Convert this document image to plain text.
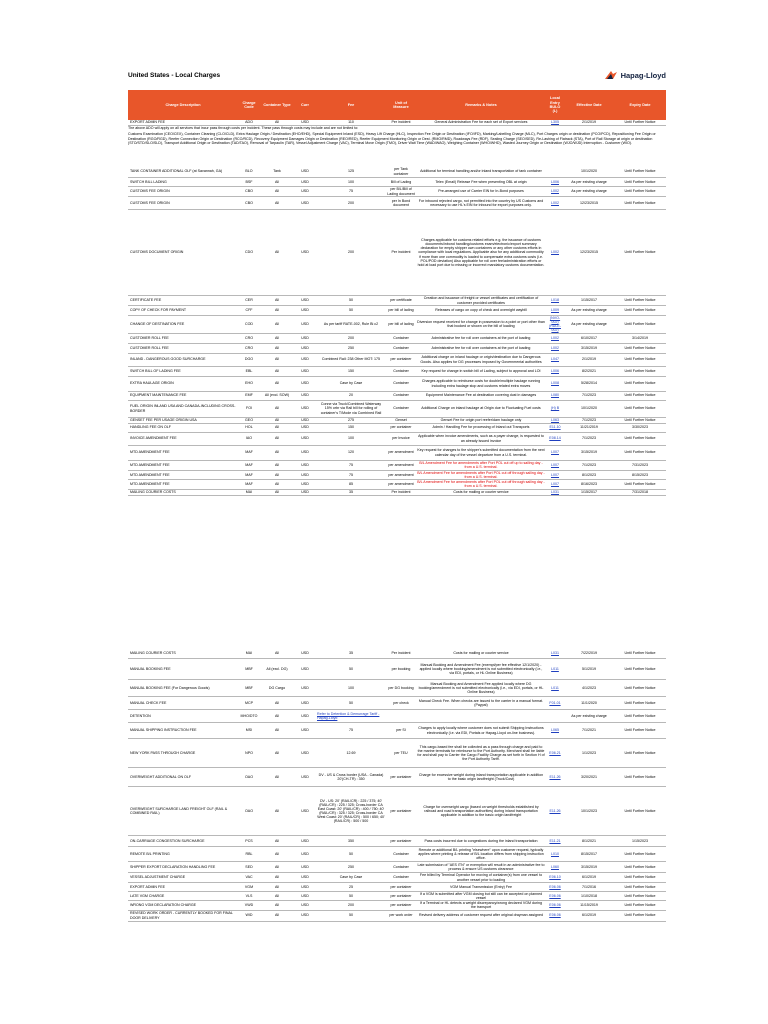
United States - Local Charges	Hapag-Lloyd
Charge Description	Charge Code	Container Type	Curr	Fee	Unit of Measure	Remarks & Notes	Local Entry BULO (L)	Effective Date	Expiry Date
EXPORT ADMIN FEE	ADO	All	USD	110	Per incident	General Administration Fee for each set of Export services	L305	2/1/2019	Until Further Notice
The above ADO will apply on all services that incur pass through costs per incident. These pass through costs may include and are not limited to:
Customs Examination (CEO/CEX), Container Cleaning (CLO/CLD), Extra Haulage Origin / Destination (EHO/EHD), Special Equipment Inland (ESD), Heavy Lift Charge (HLC), Inspection Fee Origin or Destination (IFO/IFD), Marking/Labelling Charge (MLC), Port Charges origin or destination (PCO/PCD), Repositioning Fee Origin or Destination (RGO/RGD), Reefer Connection Origin or Destination (RCO/RCD), Recovery Equipment Damages Origin or Destination (REO/RED), Reefer Equipment Monitoring Origin or Dest. (RMO/RMD), Roadways Fee (RDF), Sealing Charge (SEO/SED), Re-Lashing of Flatrack (STA), Port of Rail Storage at origin or destination (STO/STD/SLO/SLD), Transport Additional Origin or Destination (TAD/TAO), Removal of Tarpaulin (TAR), Vessel Adjustment Charge (VAC), Terminal Move Origin (TMO), Driver Wait Time (WAD/WAO), Weighing Container (WHO/WHD), Wasted Journey Origin or Destination (WJO/WJD) Interruption - Customer (WIO).
TANK CONTAINER ADDITIONAL OLF (at Savannah, GA)	BLO	Tank	USD	125	per Tank container	Additional for terminal handling and/or inland transportation of tank container		10/1/2020	Until Further Notice
SWITCH BILL LADING	BSF	All	USD	100	Bill of Lading	Telex (Email) Release Fee when presenting OBL at origin	L006	As per existing charge	Until Further Notice
CUSTOMS FEE ORIGIN	CBO	All	USD	75	per B/L/Bill of Lading document	Pre-arranged use of Carrier EIN for In-Bond purposes	L002	As per existing charge	Until Further Notice
CUSTOMS FEE ORIGIN	CBO	All	USD	200	per In Bond document	For inbound rejected cargo, not permitted into the country by US Customs and necessary to use HL's EIN for inbound for export purposes only.	L002	12/23/2015	Until Further Notice
CUSTOMS DOCUMENT ORIGIN	CDO	All	USD	200	Per incident	Charges applicable for customs related efforts e.g. the issuance of customs documents/inbond handling/customs exam/electronic/export summary declaration for empty shipper own containers or any other customs efforts in compliance with local regulations. Applicable also for any additional commodity if more than one commodity is loaded to compensate extra customs costs (i.e. POL/POD deviation) Also applicable for roll over fee/administration efforts or hold at load port due to missing or incorrect mandatory customs documentation.	L002	12/23/2015	Until Further Notice
CERTIFICATE FEE	CER	All	USD	50	per certificate	Creation and issuance of freight or vessel certificates and certification of customer provided certificates	L018	1/15/2017	Until Further Notice
COPY OF CHECK FOR PAYMENT	CFF	All	USD	50	per bill of lading	Releases of cargo on copy of check and overnight waybill	L009	As per existing charge	Until Further Notice
CHANGE OF DESTINATION FEE	COD	All	USD	As per tariff RATE-002, Rule Bi c2	per bill of lading	Diversion request received for change in possession to a point or port other than that booked or shown on the bill of loading	(NVO-002) (RULE-002)	As per existing charge	Until Further Notice
CUSTOMER ROLL FEE	CRO	All	USD	200	Container	Administrative fee for roll over containers at the port of loading	L002	6/10/2017	3/14/2019
CUSTOMER ROLL FEE	CRO	All	USD	250	Container	Administrative fee for roll over containers at the port of loading	L002	3/15/2019	Until Further Notice
INLAND - DANGEROUS GOOD SURCHARGE	DGO	All	USD	Combined Rail: 238 Other MOT: 175	per container	Additional charge on inland haulage or origin/destination due to Dangerous Goods. Also applies for DG processes imposed by Governmental authorities	L047	2/1/2019	Until Further Notice
SWITCH BILL OF LADING FEE	EBL	All	USD	150	Container	Key request for change in switch bill of Lading, subject to approval and LOI	L006	8/2/2021	Until Further Notice
EXTRA HAULAGE ORIGIN	EHO	All	USD	Case by Case	Container	Charges applicable to reimburse costs for double/multiple haulage running including extra haulage stop and customs related extra moves	L008	5/28/2014	Until Further Notice
EQUIPMENT MAINTENANCE FEE	EMF	All (excl. SOW)	USD	20	Container	Equipment Maintenance Fee at destination covering dust in damages	L080	7/1/2023	Until Further Notice
FUEL ORIGIN INLAND USA AND CANADA-INCLUDING CROSS-BORDER	FOI	All	USD	Conne via Truck/Combined Waterway 15% orbr via Rail bill for rolling of container's T/Mode via Combined Rail	Container	Additional Charge on inland haulage at Origin due to Fluctuating Fuel costs	(H) B	10/1/2020	Until Further Notice
GENSET FEE PER USAGE ORIGIN USA	GEO	All	USD	275	Genset	Genset Fee for origin port reefer/dam haulage only	L063	7/1/2023	Until Further Notice
HANDLING FEE ON OLF	HOL	All	USD	150	per container	Admin / Handling Fee for processing of Inland out Transports	E11.10	11/21/2019	3/30/2023
INVOICE AMENDMENT FEE	IAO	All	USD	100	per Invoice	Applicable when invoice amendments, such as a payer change, is requested to an already issued invoice	E08.14	7/1/2023	Until Further Notice
MTD AMENDMENT FEE	MAF	All	USD	120	per amendment	Key request for changes to the shipper's submitted documentation from the next calendar day of the vessel departure from a U.S. terminal.	L007	3/15/2019	Until Further Notice
MTD AMENDMENT FEE	MAF	All	USD	75	per amendment	B/L Amendment Fee for amendments after Port POL cut off up to sailing day - from a U.S. terminal.	L007	7/1/2023	7/31/2023
MTD AMENDMENT FEE	MAF	All	USD	75	per amendment	B/L Amendment Fee for amendments after Port POL cut off through sailing day - from a U.S. terminal.	L007	8/1/2023	8/15/2023
MTD AMENDMENT FEE	MAF	All	USD	85	per amendment	B/L Amendment Fee for amendments after Port POL cut off through sailing day - from a U.S. terminal.	L007	8/16/2023	Until Further Notice
MAILING COURIER COSTS	MAI	All	USD	35	Per incident	Costs for mailing or courier service	L031	1/15/2017	7/31/2018
MAILING COURIER COSTS	MAI	All	USD	35	Per incident	Costs for mailing or courier service	L031	7/22/2019	Until Further Notice
MANUAL BOOKING FEE	MBF	All (excl. DG)	USD	50	per booking	Manual Booking and Amendment Fee (exempt/per fee effective 12/1/2020) - applied locally where booking/amendment is not submitted electronically (i.e., via EDI, portals, or HL Online Business)	L011	5/1/2019	Until Further Notice
MANUAL BOOKING FEE (For Dangerous Goods)	MBF	DG Cargo	USD	100	per DG booking	Manual Booking and Amendment Fee applied locally where DG booking/amendment is not submitted electronically (i.e., via EDI, portals, or HL Online Business)	L011	4/1/2023	Until Further Notice
MANUAL CHECK FEE	MCP	All	USD	50	per check	Manual Check Fee. When checks are issued to the carrier in a manual format. (Paypal)	F01.01	11/1/2020	Until Further Notice
DETENTION	MHO/DTO	All	USD	Refer to Detention & Demurrage Tariff - Hapag-Lloyd				As per existing charge	Until Further Notice
MANUAL SHIPPING INSTRUCTION FEE	MSI	All	USD	75	per SI	Charges to apply locally where customer does not submit Shipping Instructions electronically (i.e. via EDI, Portals or Hapag-Lloyd on-line business).	L065	7/1/2021	Until Further Notice
NEW YORK PASS THROUGH CHARGE	NPO	All	USD	12.69	per TEU	This cargo-based fee shall be collected as a pass through charge and paid to the marine terminals for reimburse to the Port Authority. Merchant shall be liable for and shall pay to Carrier the Cargo Facility Charge as set forth in Section H of the Port Authority Tariff.	E06.21	1/1/2023	Until Further Notice
OVERWEIGHT ADDITIONAL ON OLF	OAO	All	USD	DV - US & Cross border (USA - Canada) 20'(CH-TR) : 350	per container	Charge for excessive weight during inland transportation applicable in addition to the basic origin landfreight (Truck/Cost)	E11.26	3/20/2021	Until Further Notice
OVERWEIGHT SURCHARGE LAND FREIGHT OLF (RAIL & COMBINED RAIL)	OAO	All	USD	DV - US: 20' (RAIL/CR) : 225 / 375; 40' (RAIL/CR) : 225 / 325; Cross-border CA East Coast: 20' (RAIL/CR) : 400 / 750; 40' (RAIL/CR) : 325 / 325; Cross-border CA West Coast: 20' (RAIL/CR) : 500 / 650; 40' (RAIL/CR) : 500 / 500	per container	Charge for overweight cargo (based on weight thresholds established by railroad and road transportation authorities) during inland transportation applicable in addition to the basic origin landfreight	E11.26	10/1/2023	Until Further Notice
ON-CARRIAGE CONGESTION SURCHARGE	PCS	All	USD	350	per container	Pass costs incurred due to congestions during the inland transportation	E11.21	8/1/2021	1/15/2023
REMOTE B/L PRINTING	RBL	All	USD	50	Container	Remote or additional B/L printing "elsewhere" upon customer request, typically applies where printing & release of B/L location differs from shipping instruction office.	L010	8/15/2017	Until Further Notice
SHIPPER EXPORT DECLARATION HANDLING FEE	SED	All	USD	250	Container	Late submission of "AES ITN" or exemption will result in an administrative fee to process & ensure US customs clearance	L060	3/15/2019	Until Further Notice
VESSEL ADJUSTMENT CHARGE	VAC	All	USD	Case by Case	Container	Fee billed by Terminal Operator for moving of container(s) from one vessel to another vessel prior to loading	E06.10	6/1/2019	Until Further Notice
EXPORT ADMIN FEE	VGM	All	USD	25	per container	VGM Manual Transmission (Entry) Fee	E06.06	7/1/2016	Until Further Notice
LATE VGM CHARGE	VLS	All	USD	50	per container	If a VGM is submitted after VGM closing but still can be accepted on planned vessel	E06.06	1/10/2018	Until Further Notice
WRONG VGM DECLARATION CHARGE	VWD	All	USD	200	per container	If a Terminal or HL detects a weight discrepancy/wrong declared VGM during the transport	E06.06	11/15/2019	Until Further Notice
REVISED WORK ORDER - CURRENTLY BOOKED FOR FINAL DOOR DELIVERY	WID	All	USD	50	per work order	Revised delivery address of customer request after original drayman assigned	E06.06	6/1/2019	Until Further Notice
